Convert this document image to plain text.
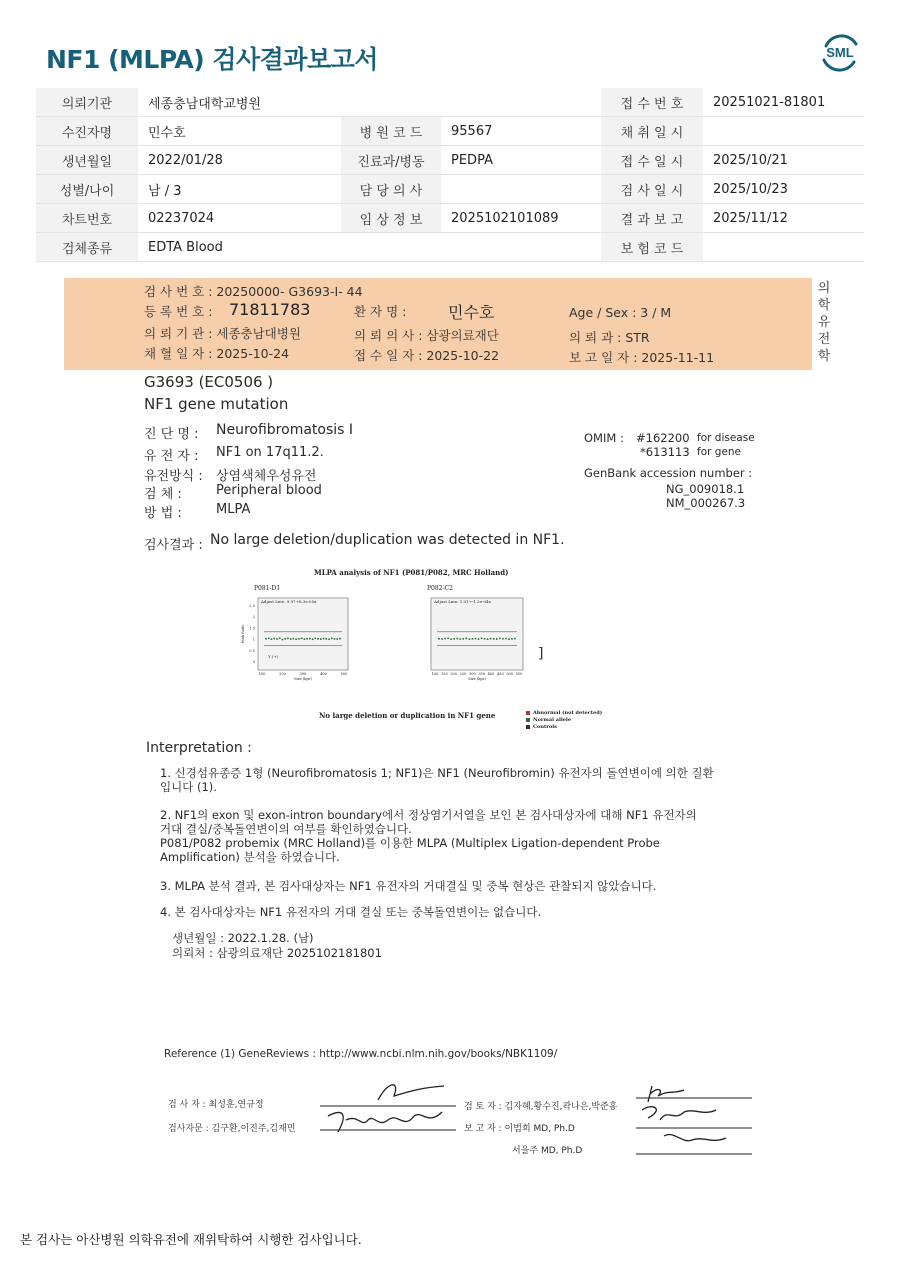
NF1 (MLPA) 검사결과보고서	SML
의뢰기관	세종충남대학교병원			접 수 번 호	20251021-81801
수진자명	민수호	병 원 코 드	95567	채 취 일 시	
생년월일	2022/01/28	진료과/병동	PEDPA	접 수 일 시	2025/10/21
성별/나이	남 / 3	담 당 의 사		검 사 일 시	2025/10/23
차트번호	02237024	임 상 정 보	2025102101089	결 과 보 고	2025/11/12
검체종류	EDTA Blood			보 험 코 드	
검 사 번 호 : 20250000- G3693-I- 44
등 록 번 호 : 71811783	환 자 명 :	민수호	Age / Sex : 3 / M
의 뢰 기 관 : 세종충남대병원	의 뢰 의 사 : 삼광의료재단	의 뢰 과 : STR
채 혈 일 자 : 2025-10-24	접 수 일 자 : 2025-10-22	보 고 일 자 : 2025-11-11
의
학
유
전
학
G3693 (EC0506 )
NF1 gene mutation
진 단 명 : Neurofibromatosis I
유 전 자 : NF1 on 17q11.2.
유전방식 : 상염색체우성유전
검 체 :	Peripheral blood
방 법 :	MLPA
OMIM : #162200 for disease
*613113 for gene
GenBank accession number :
NG_009018.1
NM_000267.3
검사결과 : No large deletion/duplication was detected in NF1.
MLPA analysis of NF1 (P081/P082, MRC Holland)
P081-D1
Adjust Line: 9.97+8.3e-05x
2.5
2
1.5
1
0.5
0
100	200	300	400	500
Size (bps)
Peak Ratio
Y (+)
P082-C2
Adjust Line: 1.01+-1.2e-04x
100 150 200 250 300 350 400 450 500 550
Size (bps)
]
No large deletion or duplication in NF1 gene	Abnormal (not detected)
Normal allele
Controls
Interpretation :
1. 신경섬유종증 1형 (Neurofibromatosis 1; NF1)은 NF1 (Neurofibromin) 유전자의 돌연변이에 의한 질환
입니다 (1).
2. NF1의 exon 및 exon-intron boundary에서 정상염기서열을 보인 본 검사대상자에 대해 NF1 유전자의
거대 결실/중복돌연변이의 여부를 확인하였습니다.
P081/P082 probemix (MRC Holland)를 이용한 MLPA (Multiplex Ligation-dependent Probe
Amplification) 분석을 하였습니다.
3. MLPA 분석 결과, 본 검사대상자는 NF1 유전자의 거대결실 및 중복 현상은 관찰되지 않았습니다.
4. 본 검사대상자는 NF1 유전자의 거대 결실 또는 중복돌연변이는 없습니다.
생년월일 : 2022.1.28. (남)
의뢰처 : 삼광의료재단 2025102181801
Reference (1) GeneReviews : http://www.ncbi.nlm.nih.gov/books/NBK1109/
검 사 자 : 최성훈,연규정
검사자문 : 김구환,이진주,김재민
검 토 자 : 김자혜,황수진,곽나은,박준홍
보 고 자 : 이범희 MD, Ph.D
서을주 MD, Ph.D
본 검사는 아산병원 의학유전에 재위탁하여 시행한 검사입니다.
